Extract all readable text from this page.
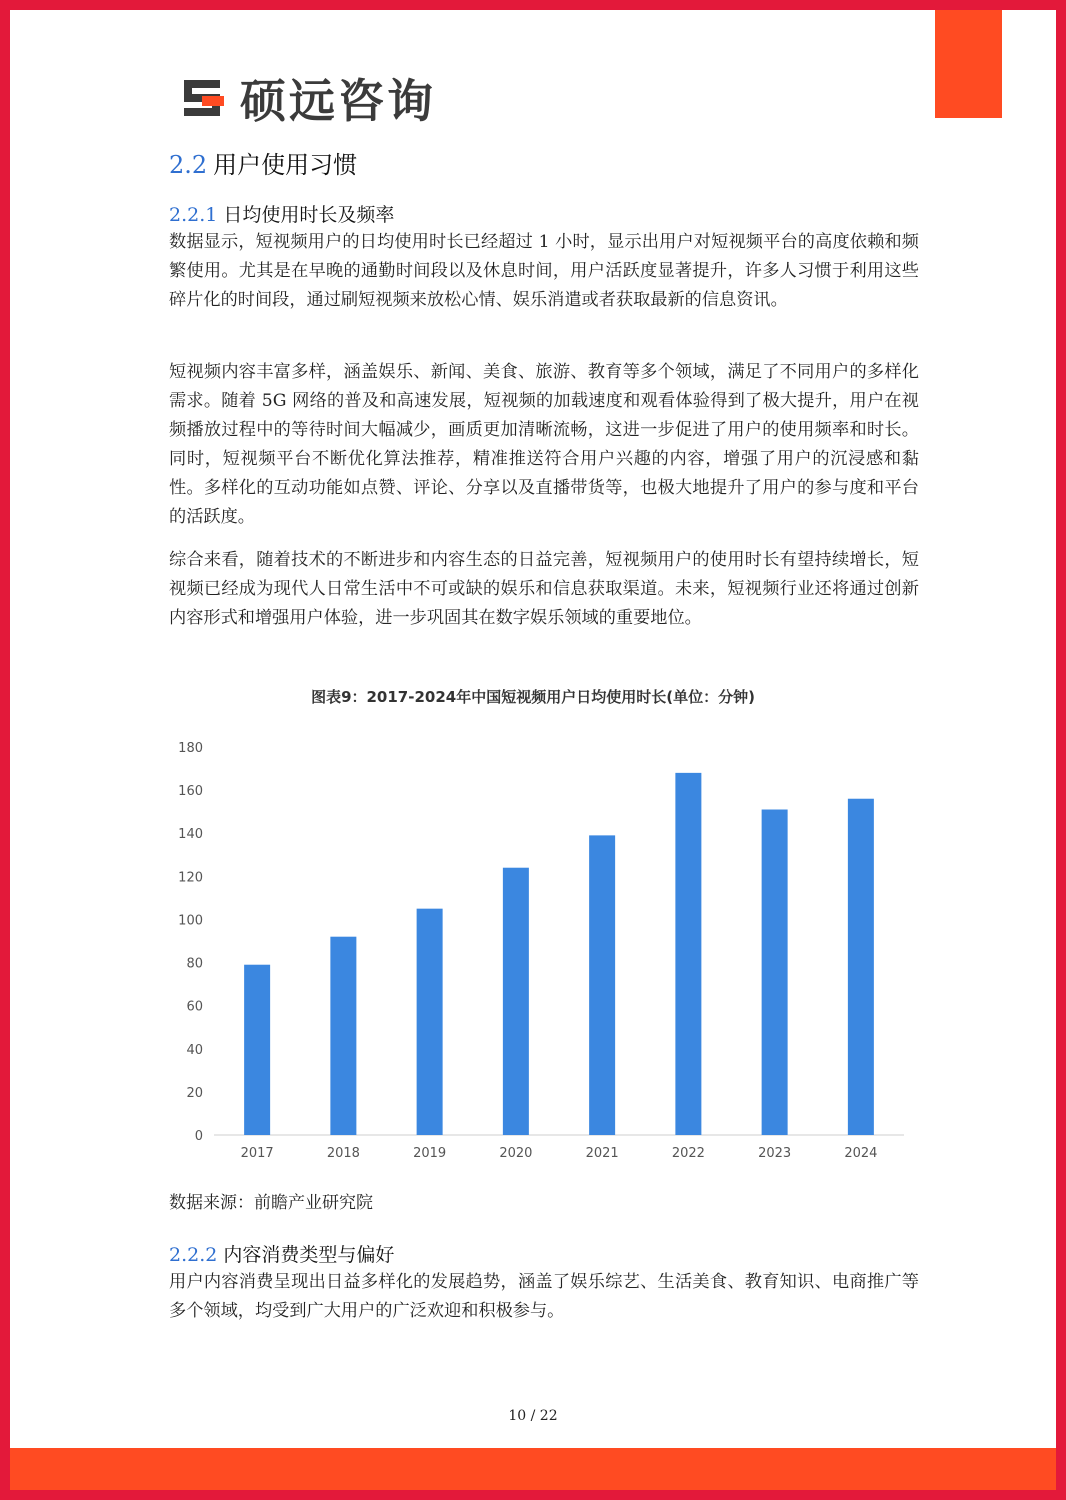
硕远咨询
2.2 用户使用习惯
2.2.1 日均使用时长及频率

数据显示，短视频用户的日均使用时长已经超过 1 小时，显示出用户对短视频平台的高度依赖和频繁使用。尤其是在早晚的通勤时间段以及休息时间，用户活跃度显著提升，许多人习惯于利用这些碎片化的时间段，通过刷短视频来放松心情、娱乐消遣或者获取最新的信息资讯。

短视频内容丰富多样，涵盖娱乐、新闻、美食、旅游、教育等多个领域，满足了不同用户的多样化需求。随着 5G 网络的普及和高速发展，短视频的加载速度和观看体验得到了极大提升，用户在视频播放过程中的等待时间大幅减少，画质更加清晰流畅，这进一步促进了用户的使用频率和时长。同时，短视频平台不断优化算法推荐，精准推送符合用户兴趣的内容，增强了用户的沉浸感和黏性。多样化的互动功能如点赞、评论、分享以及直播带货等，也极大地提升了用户的参与度和平台的活跃度。

综合来看，随着技术的不断进步和内容生态的日益完善，短视频用户的使用时长有望持续增长，短视频已经成为现代人日常生活中不可或缺的娱乐和信息获取渠道。未来，短视频行业还将通过创新内容形式和增强用户体验，进一步巩固其在数字娱乐领域的重要地位。

图表9：2017-2024年中国短视频用户日均使用时长(单位：分钟)
0
20
40
60
80
100
120
140
160
180
2017	2018	2019	2020	2021	2022	2023	2024
数据来源：前瞻产业研究院
2.2.2 内容消费类型与偏好

用户内容消费呈现出日益多样化的发展趋势，涵盖了娱乐综艺、生活美食、教育知识、电商推广等多个领域，均受到广大用户的广泛欢迎和积极参与。

10 / 22
